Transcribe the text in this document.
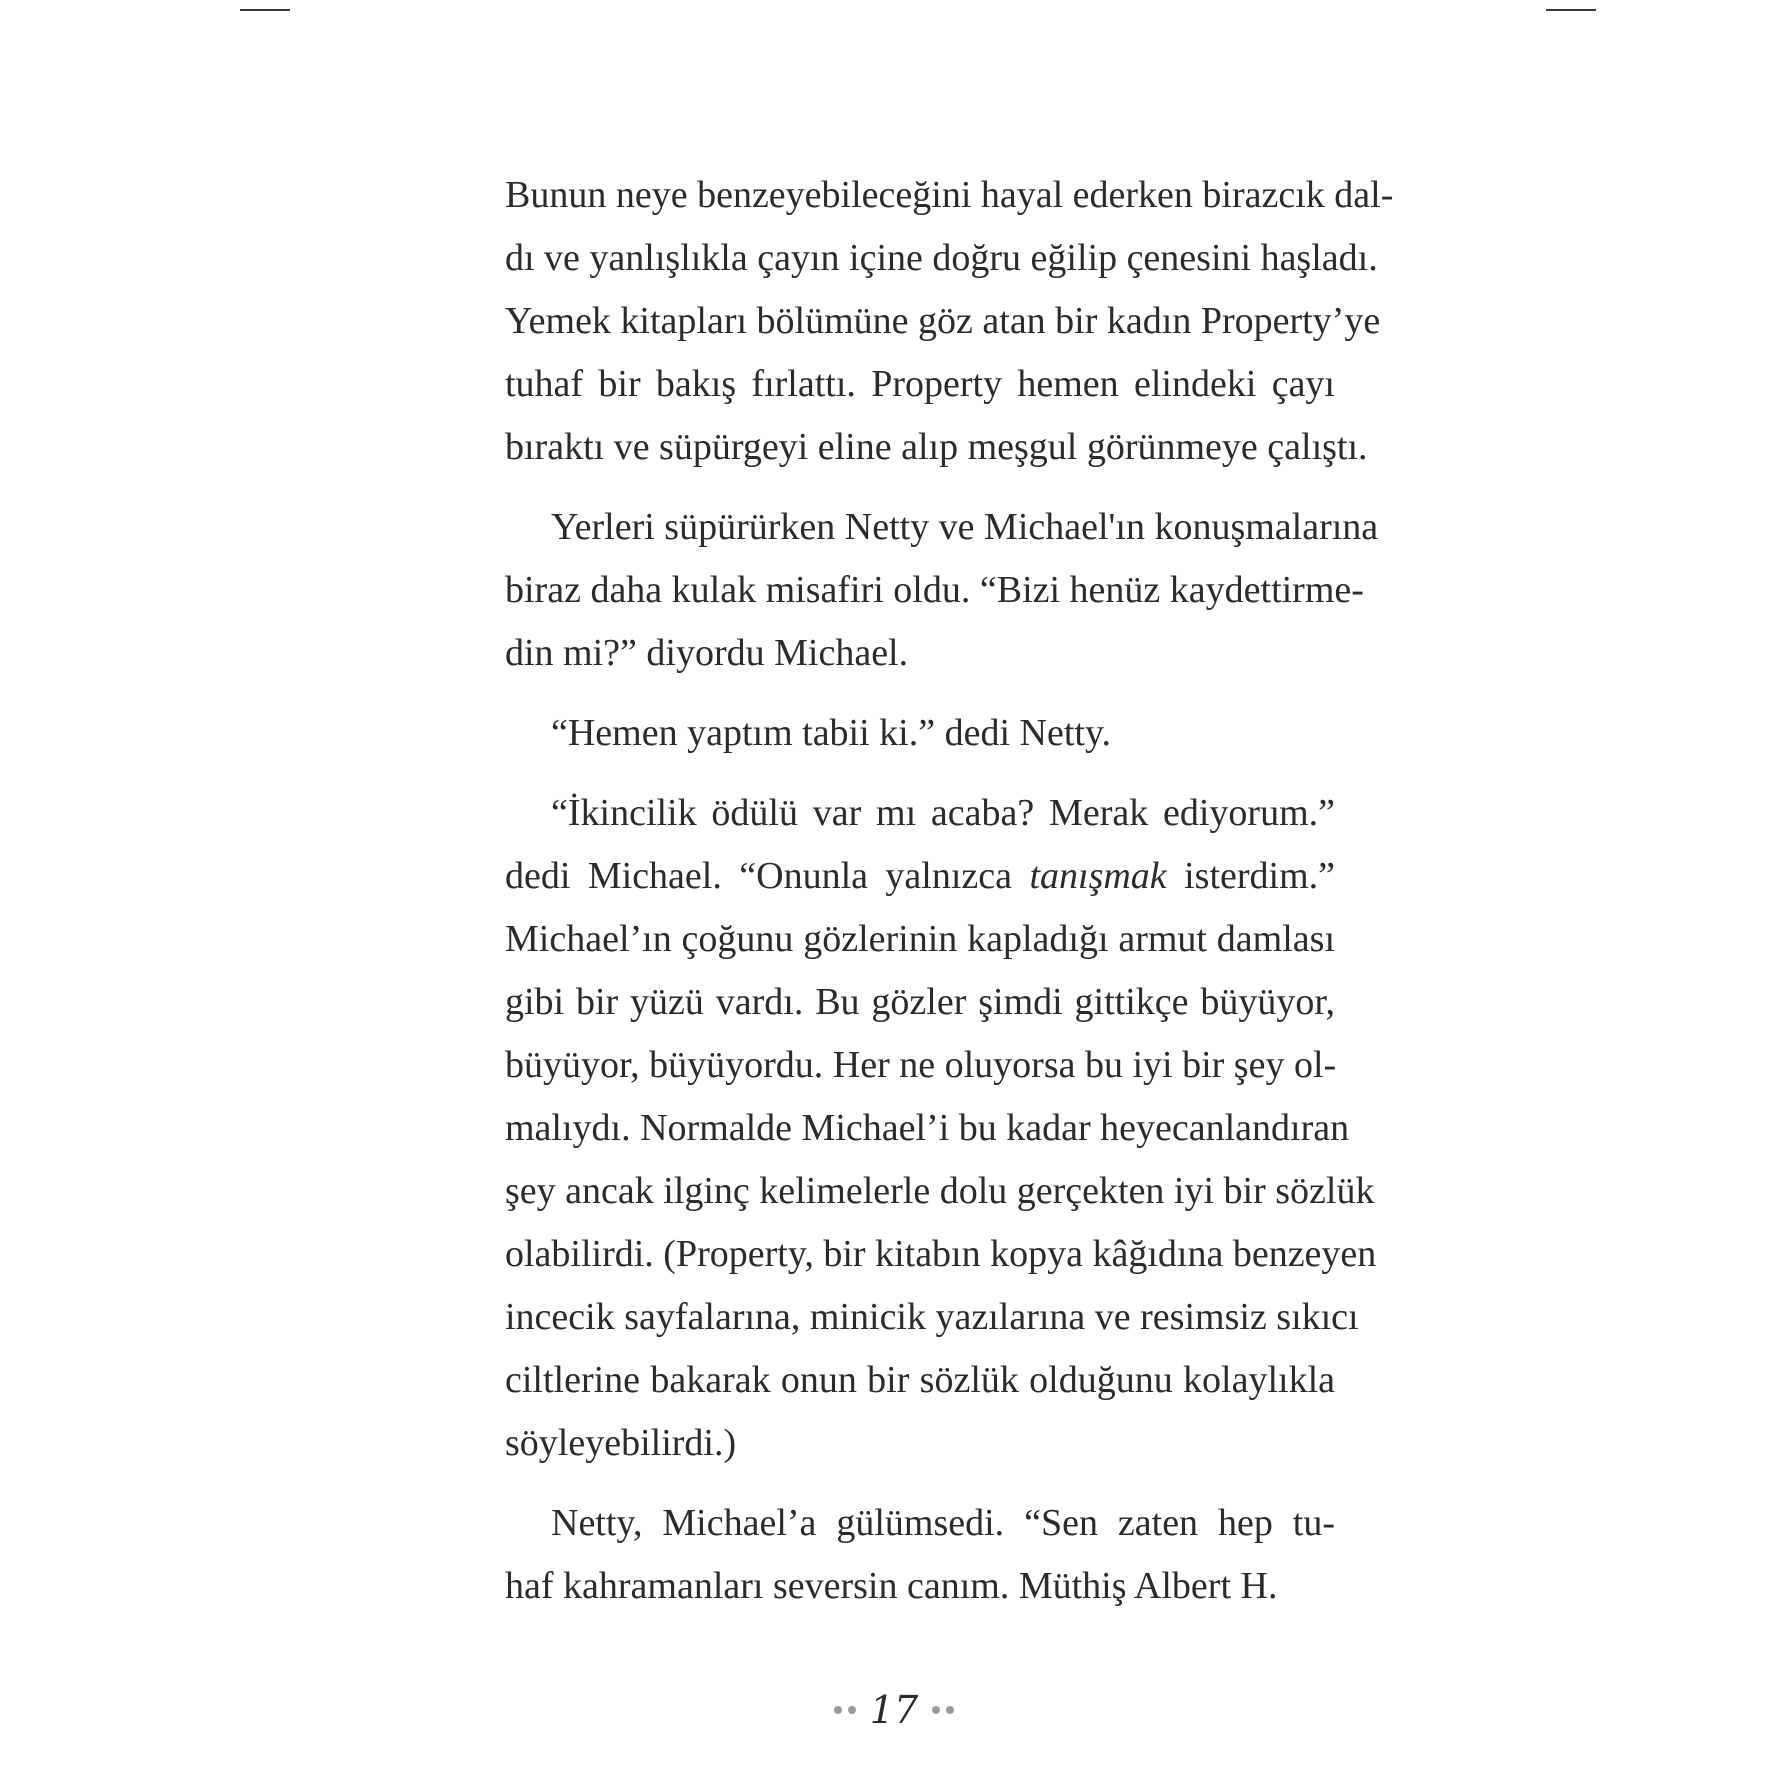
Bunun neye benzeyebileceğini hayal ederken birazcık dal-
dı ve yanlışlıkla çayın içine doğru eğilip çenesini haşladı.
Yemek kitapları bölümüne göz atan bir kadın Property’ye
tuhaf bir bakış fırlattı. Property hemen elindeki çayı
bıraktı ve süpürgeyi eline alıp meşgul görünmeye çalıştı.
Yerleri süpürürken Netty ve Michael'ın konuşmalarına
biraz daha kulak misafiri oldu. “Bizi henüz kaydettirme-
din mi?” diyordu Michael.
“Hemen yaptım tabii ki.” dedi Netty.
“İkincilik ödülü var mı acaba? Merak ediyorum.”
dedi Michael. “Onunla yalnızca tanışmak isterdim.”
Michael’ın çoğunu gözlerinin kapladığı armut damlası
gibi bir yüzü vardı. Bu gözler şimdi gittikçe büyüyor,
büyüyor, büyüyordu. Her ne oluyorsa bu iyi bir şey ol-
malıydı. Normalde Michael’i bu kadar heyecanlandıran
şey ancak ilginç kelimelerle dolu gerçekten iyi bir sözlük
olabilirdi. (Property, bir kitabın kopya kâğıdına benzeyen
incecik sayfalarına, minicik yazılarına ve resimsiz sıkıcı
ciltlerine bakarak onun bir sözlük olduğunu kolaylıkla
söyleyebilirdi.)
Netty, Michael’a gülümsedi. “Sen zaten hep tu-
haf kahramanları seversin canım. Müthiş Albert H.
17
